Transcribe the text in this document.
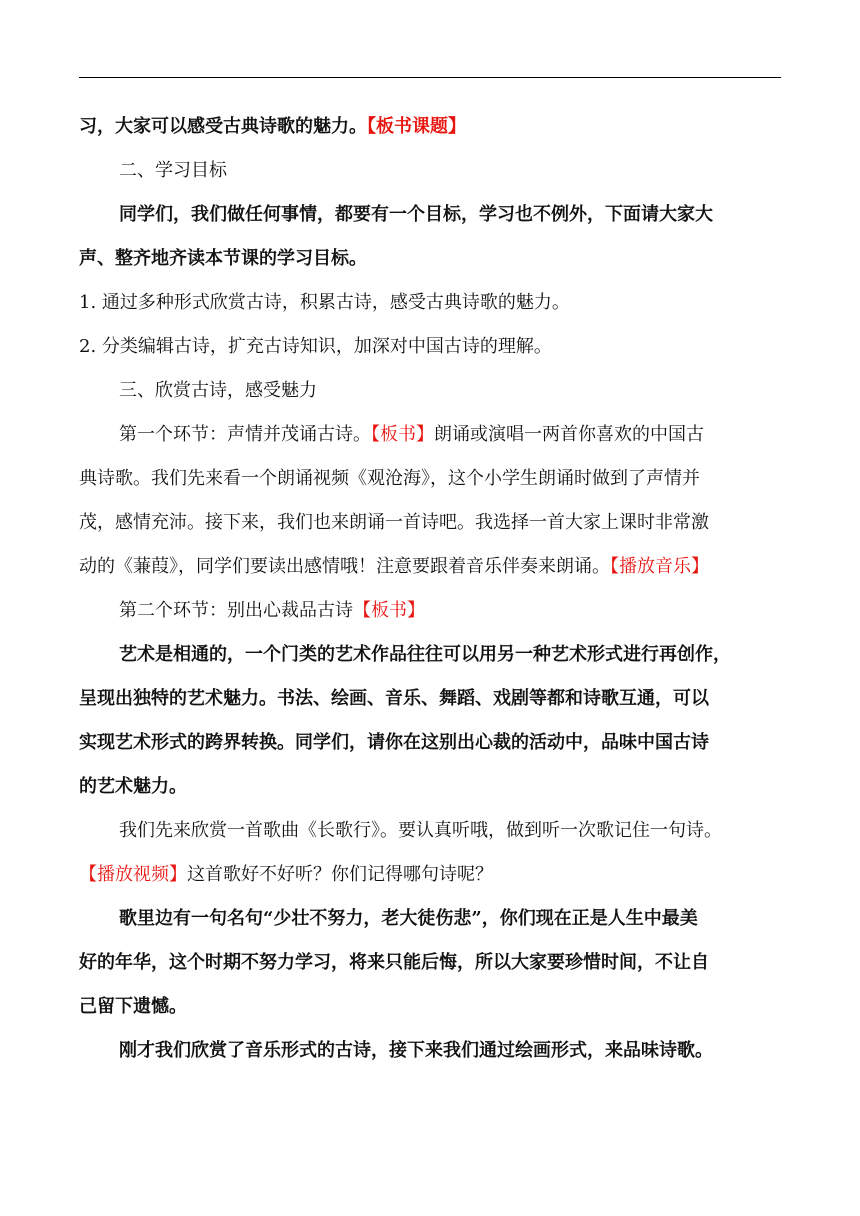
习，大家可以感受古典诗歌的魅力。【板书课题】
二、学习目标
同学们，我们做任何事情，都要有一个目标，学习也不例外，下面请大家大
声、整齐地齐读本节课的学习目标。
1. 通过多种形式欣赏古诗，积累古诗，感受古典诗歌的魅力。
2. 分类编辑古诗，扩充古诗知识，加深对中国古诗的理解。
三、欣赏古诗，感受魅力
第一个环节：声情并茂诵古诗。【板书】朗诵或演唱一两首你喜欢的中国古
典诗歌。我们先来看一个朗诵视频《观沧海》，这个小学生朗诵时做到了声情并
茂，感情充沛。接下来，我们也来朗诵一首诗吧。我选择一首大家上课时非常激
动的《蒹葭》，同学们要读出感情哦！注意要跟着音乐伴奏来朗诵。【播放音乐】
第二个环节：别出心裁品古诗【板书】
艺术是相通的，一个门类的艺术作品往往可以用另一种艺术形式进行再创作，
呈现出独特的艺术魅力。书法、绘画、音乐、舞蹈、戏剧等都和诗歌互通，可以
实现艺术形式的跨界转换。同学们，请你在这别出心裁的活动中，品味中国古诗
的艺术魅力。
我们先来欣赏一首歌曲《长歌行》。要认真听哦，做到听一次歌记住一句诗。
【播放视频】这首歌好不好听？你们记得哪句诗呢？
歌里边有一句名句“少壮不努力，老大徒伤悲”，你们现在正是人生中最美
好的年华，这个时期不努力学习，将来只能后悔，所以大家要珍惜时间，不让自
己留下遗憾。
刚才我们欣赏了音乐形式的古诗，接下来我们通过绘画形式，来品味诗歌。
